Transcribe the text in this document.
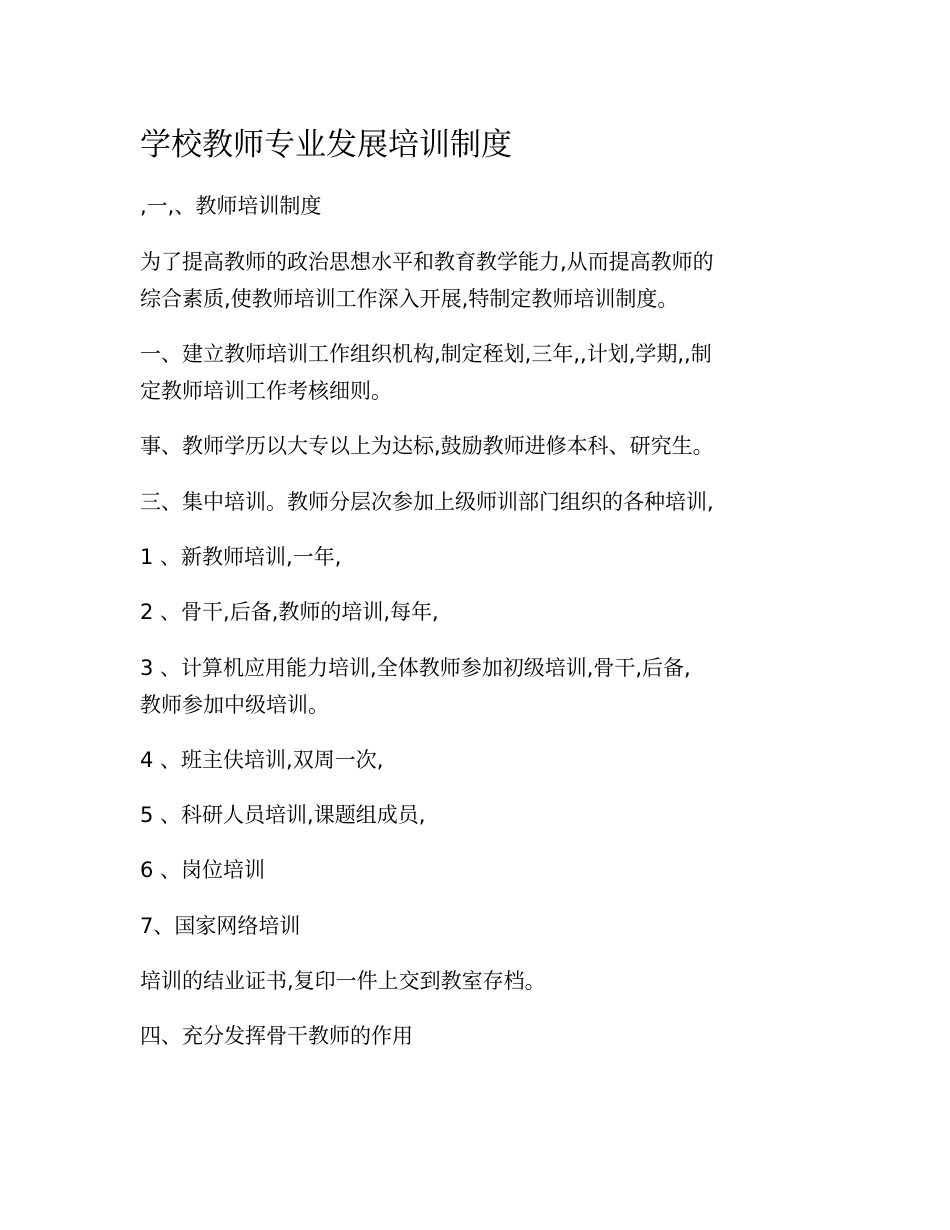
学校教师专业发展培训制度

,一,、教师培训制度

为了提高教师的政治思想水平和教育教学能力,从而提高教师的
综合素质,使教师培训工作深入开展,特制定教师培训制度。

一、建立教师培训工作组织机构,制定秷划,三年,,计划,学期,,制
定教师培训工作考核细则。

事、教师学历以大专以上为达标,鼓励教师进修本科、研究生。

三、集中培训。教师分层次参加上级师训部门组织的各种培训,

1 、新教师培训,一年,

2 、骨干,后备,教师的培训,每年,

3 、计算机应用能力培训,全体教师参加初级培训,骨干,后备,
教师参加中级培训。

4 、班主伕培训,双周一次,

5 、科研人员培训,课题组成员,

6 、岗位培训

7、国家网络培训

培训的结业证书,复印一件上交到教室存档。

四、充分发挥骨干教师的作用
